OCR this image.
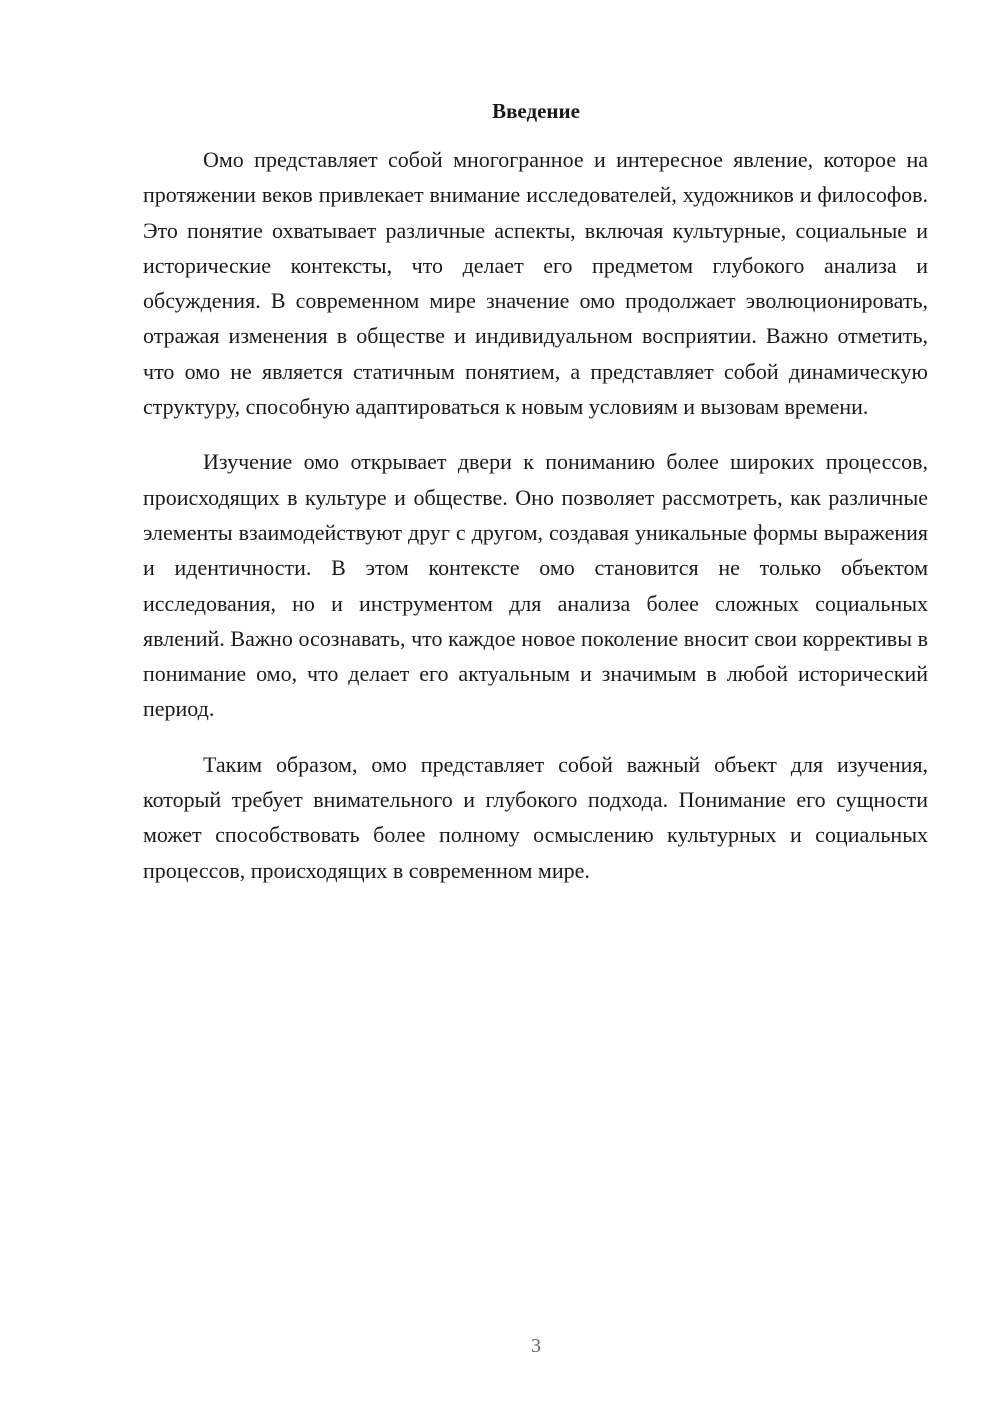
Введение

Омо представляет собой многогранное и интересное явление, которое на протяжении веков привлекает внимание исследователей, художников и философов. Это понятие охватывает различные аспекты, включая культурные, социальные и исторические контексты, что делает его предметом глубокого анализа и обсуждения. В современном мире значение омо продолжает эволюционировать, отражая изменения в обществе и индивидуальном восприятии. Важно отметить, что омо не является статичным понятием, а представляет собой динамическую структуру, способную адаптироваться к новым условиям и вызовам времени.

Изучение омо открывает двери к пониманию более широких процессов, происходящих в культуре и обществе. Оно позволяет рассмотреть, как различные элементы взаимодействуют друг с другом, создавая уникальные формы выражения и идентичности. В этом контексте омо становится не только объектом исследования, но и инструментом для анализа более сложных социальных явлений. Важно осознавать, что каждое новое поколение вносит свои коррективы в понимание омо, что делает его актуальным и значимым в любой исторический период.

Таким образом, омо представляет собой важный объект для изучения, который требует внимательного и глубокого подхода. Понимание его сущности может способствовать более полному осмыслению культурных и социальных процессов, происходящих в современном мире.

3
